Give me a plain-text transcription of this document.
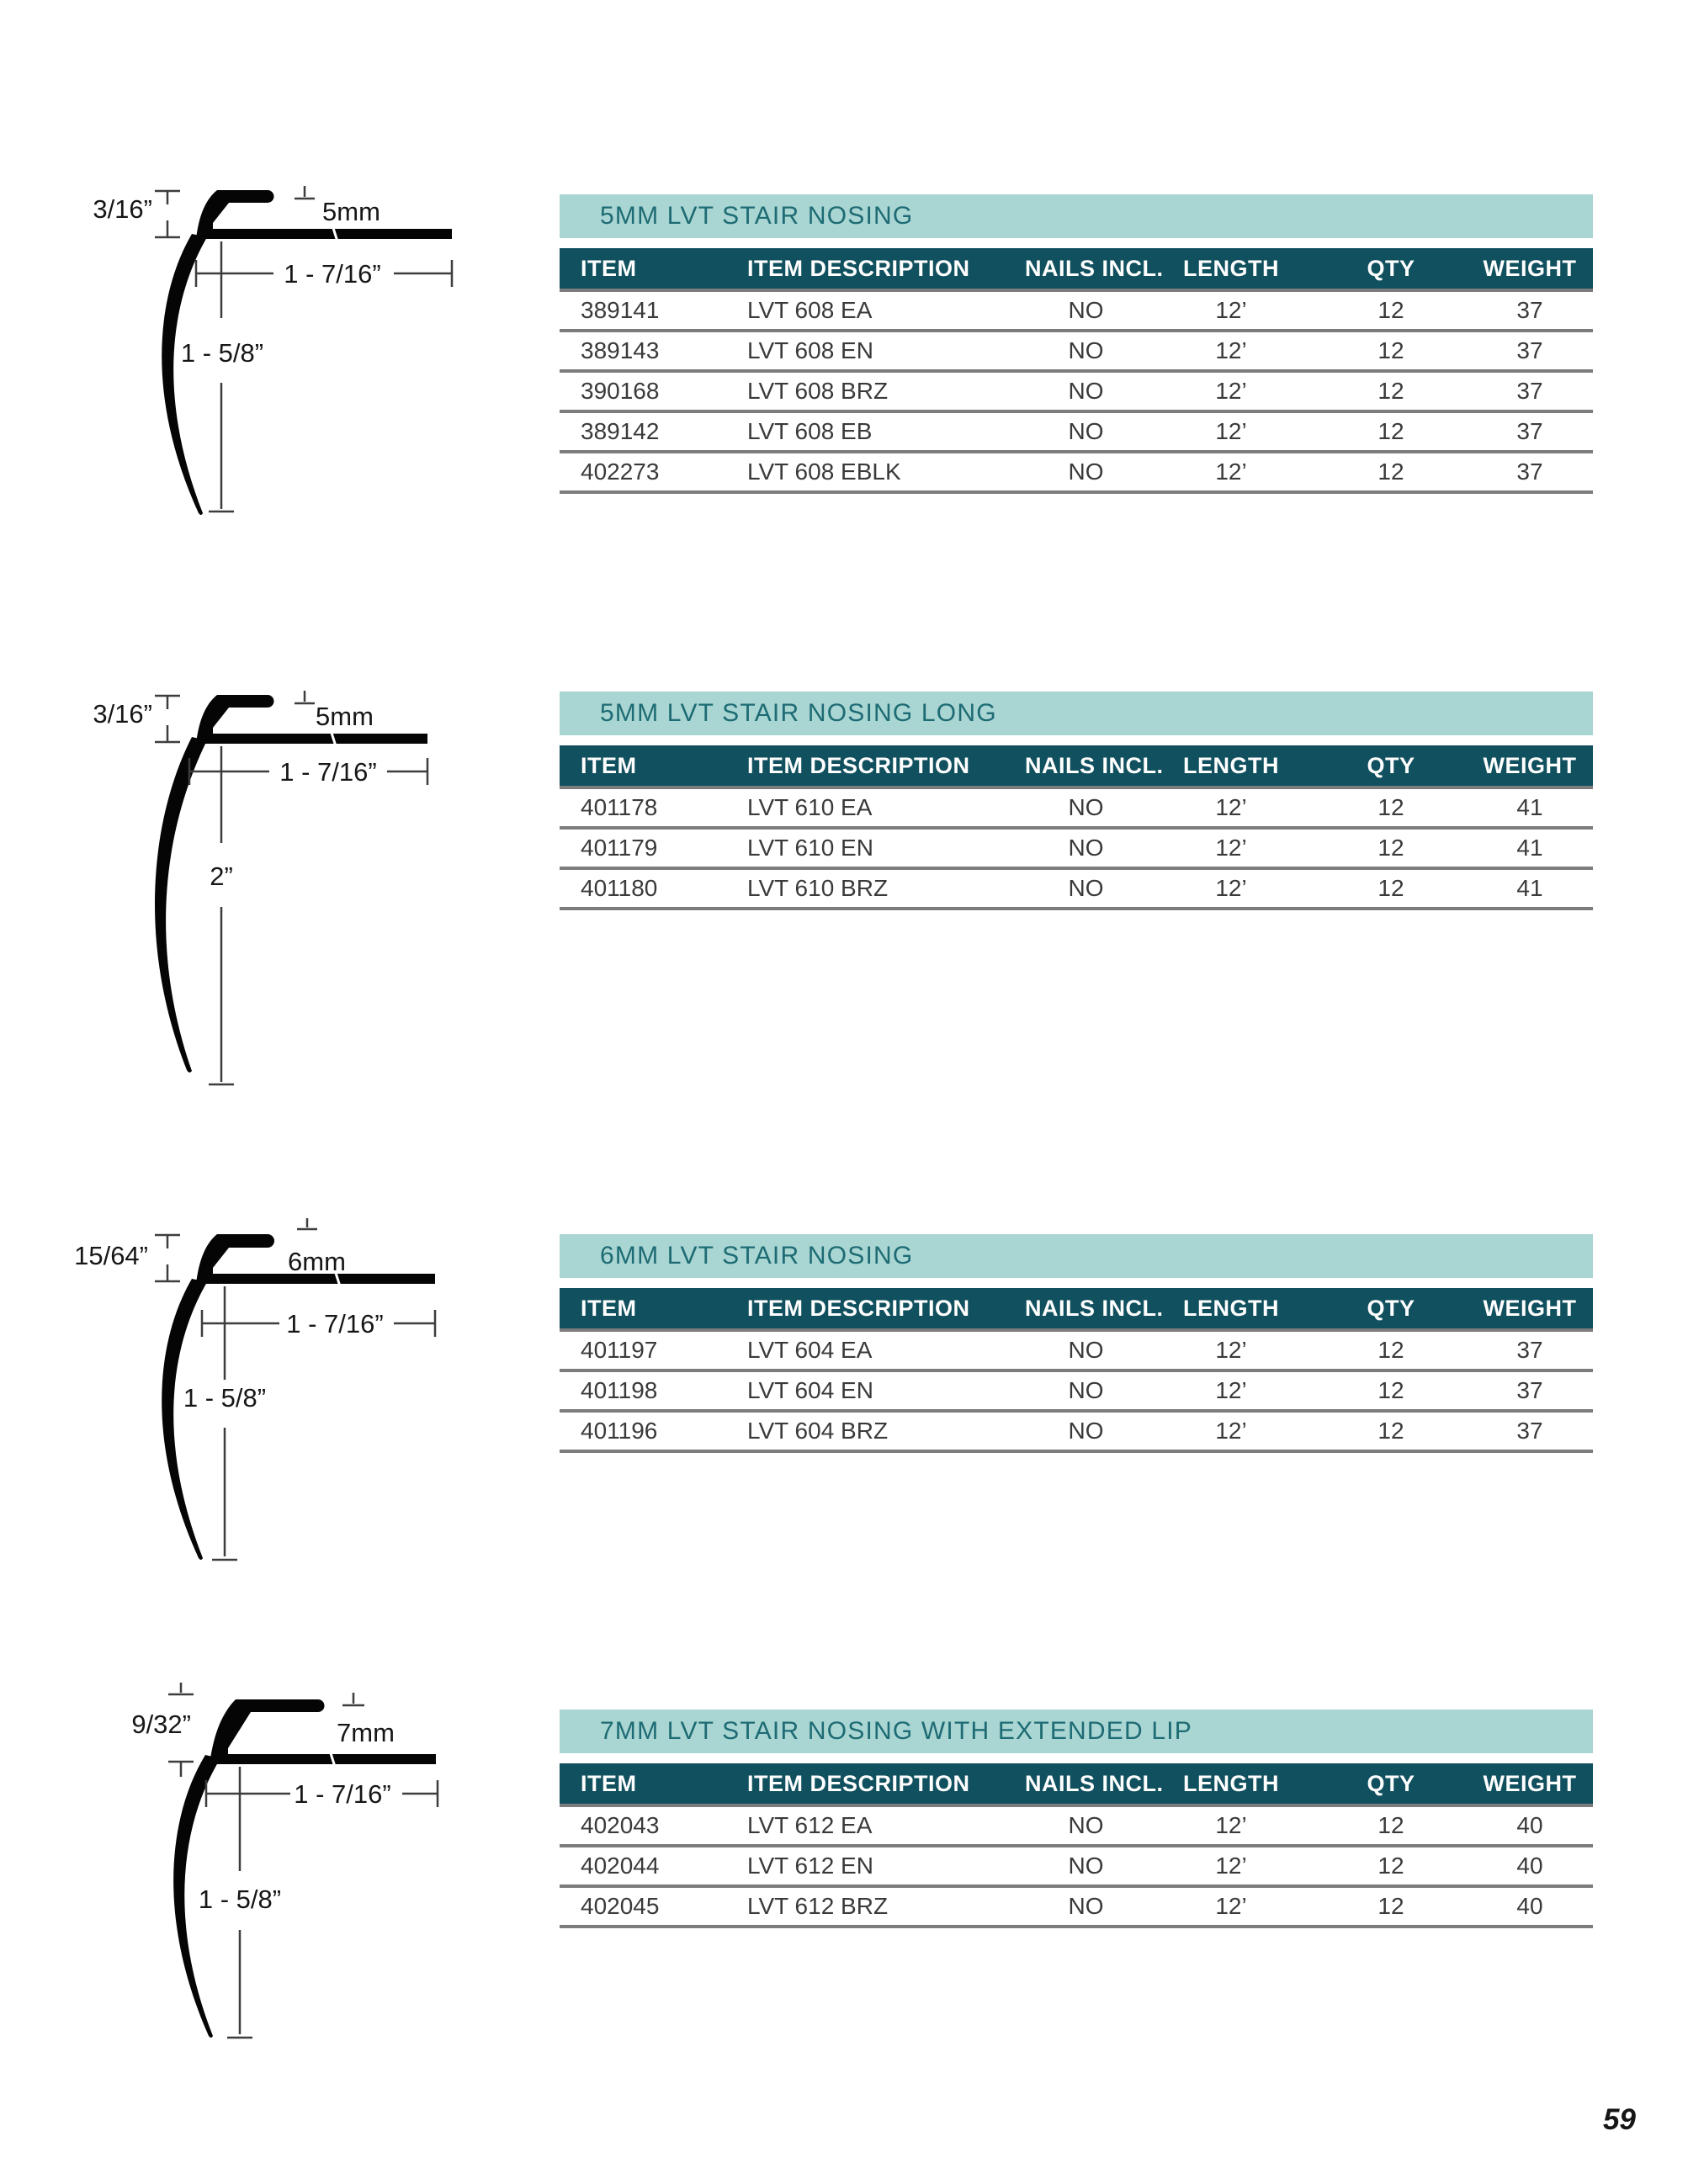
3/16”	5mm
1 - 7/16”
1 - 5/8”
3/16”	5mm
1 - 7/16”
2”
15/64”	6mm
1 - 7/16”
1 - 5/8”
9/32”	7mm
1 - 7/16”
1 - 5/8”
5MM LVT STAIR NOSING
ITEM	ITEM DESCRIPTION	NAILS INCL. LENGTH	QTY	WEIGHT
389141	LVT 608 EA	NO	12’	12	37
389143	LVT 608 EN	NO	12’	12	37
390168	LVT 608 BRZ	NO	12’	12	37
389142	LVT 608 EB	NO	12’	12	37
402273	LVT 608 EBLK	NO	12’	12	37
5MM LVT STAIR NOSING LONG
ITEM	ITEM DESCRIPTION	NAILS INCL. LENGTH	QTY	WEIGHT
401178	LVT 610 EA	NO	12’	12	41
401179	LVT 610 EN	NO	12’	12	41
401180	LVT 610 BRZ	NO	12’	12	41
6MM LVT STAIR NOSING
ITEM	ITEM DESCRIPTION	NAILS INCL. LENGTH	QTY	WEIGHT
401197	LVT 604 EA	NO	12’	12	37
401198	LVT 604 EN	NO	12’	12	37
401196	LVT 604 BRZ	NO	12’	12	37
7MM LVT STAIR NOSING WITH EXTENDED LIP
ITEM	ITEM DESCRIPTION	NAILS INCL. LENGTH	QTY	WEIGHT
402043	LVT 612 EA	NO	12’	12	40
402044	LVT 612 EN	NO	12’	12	40
402045	LVT 612 BRZ	NO	12’	12	40
59
